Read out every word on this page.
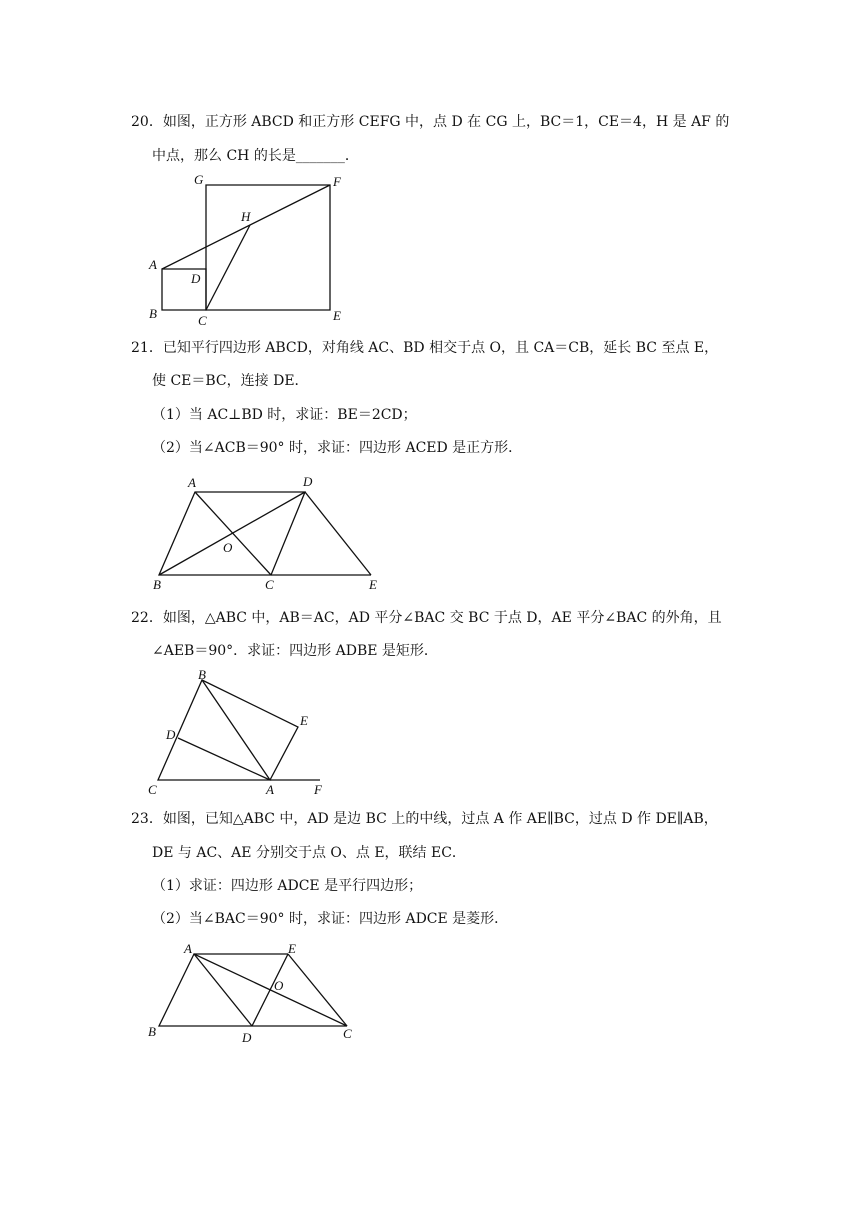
20．如图，正方形 ABCD 和正方形 CEFG 中，点 D 在 CG 上，BC＝1，CE＝4，H 是 AF 的
中点，那么 CH 的长是_______．
G	F
H
A
D
B	C	E
21．已知平行四边形 ABCD，对角线 AC、BD 相交于点 O，且 CA＝CB，延长 BC 至点 E，
使 CE＝BC，连接 DE．
（1）当 AC⊥BD 时，求证：BE＝2CD；
（2）当∠ACB＝90° 时，求证：四边形 ACED 是正方形．
A	D
O
B	C	E
22．如图，△ABC 中，AB＝AC，AD 平分∠BAC 交 BC 于点 D，AE 平分∠BAC 的外角，且
∠AEB＝90°．求证：四边形 ADBE 是矩形．
B
E
D
C	A	F
23．如图，已知△ABC 中，AD 是边 BC 上的中线，过点 A 作 AE∥BC，过点 D 作 DE∥AB，
DE 与 AC、AE 分别交于点 O、点 E，联结 EC．
（1）求证：四边形 ADCE 是平行四边形；
（2）当∠BAC＝90° 时，求证：四边形 ADCE 是菱形．
A	E
O
B	D	C
